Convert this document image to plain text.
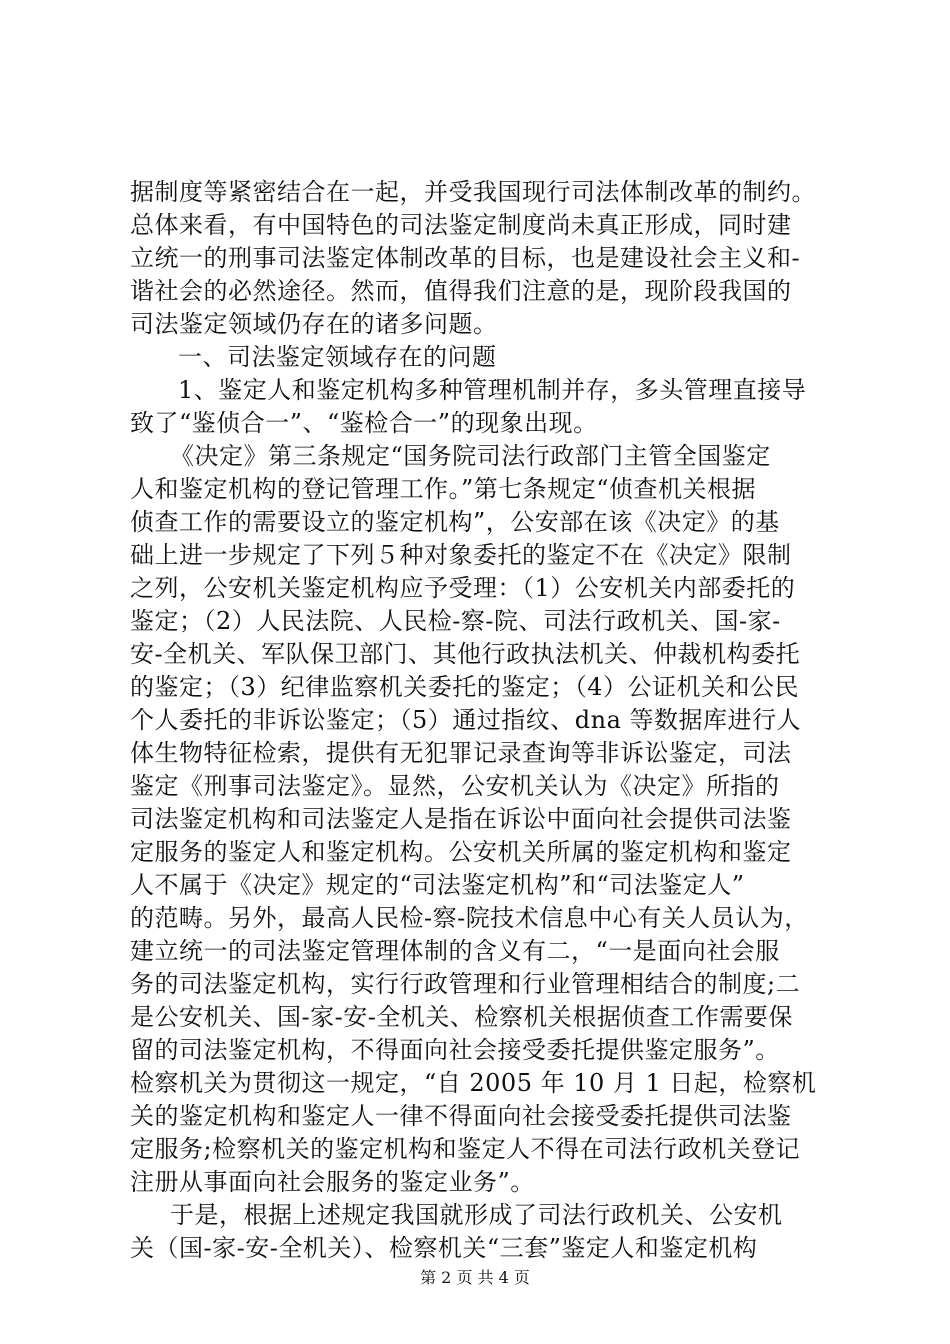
据制度等紧密结合在一起，并受我国现行司法体制改革的制约。
总体来看，有中国特色的司法鉴定制度尚未真正形成，同时建
立统一的刑事司法鉴定体制改革的目标，也是建设社会主义和-
谐社会的必然途径。然而，值得我们注意的是，现阶段我国的
司法鉴定领域仍存在的诸多问题。
一、司法鉴定领域存在的问题
1、鉴定人和鉴定机构多种管理机制并存，多头管理直接导
致了“鉴侦合一”、“鉴检合一”的现象出现。
《决定》第三条规定“国务院司法行政部门主管全国鉴定
人和鉴定机构的登记管理工作。”第七条规定“侦查机关根据
侦查工作的需要设立的鉴定机构”，公安部在该《决定》的基
础上进一步规定了下列５种对象委托的鉴定不在《决定》限制
之列，公安机关鉴定机构应予受理：（1）公安机关内部委托的
鉴定；（2）人民法院、人民检-察-院、司法行政机关、国-家-
安-全机关、军队保卫部门、其他行政执法机关、仲裁机构委托
的鉴定；（3）纪律监察机关委托的鉴定；（4）公证机关和公民
个人委托的非诉讼鉴定；（5）通过指纹、dna 等数据库进行人
体生物特征检索，提供有无犯罪记录查询等非诉讼鉴定，司法
鉴定《刑事司法鉴定》。显然，公安机关认为《决定》所指的
司法鉴定机构和司法鉴定人是指在诉讼中面向社会提供司法鉴
定服务的鉴定人和鉴定机构。公安机关所属的鉴定机构和鉴定
人不属于《决定》规定的“司法鉴定机构”和“司法鉴定人”
的范畴。另外，最高人民检-察-院技术信息中心有关人员认为，
建立统一的司法鉴定管理体制的含义有二，“一是面向社会服
务的司法鉴定机构，实行行政管理和行业管理相结合的制度;二
是公安机关、国-家-安-全机关、检察机关根据侦查工作需要保
留的司法鉴定机构，不得面向社会接受委托提供鉴定服务”。
检察机关为贯彻这一规定，“自 2005 年 10 月 1 日起，检察机
关的鉴定机构和鉴定人一律不得面向社会接受委托提供司法鉴
定服务;检察机关的鉴定机构和鉴定人不得在司法行政机关登记
注册从事面向社会服务的鉴定业务”。
于是，根据上述规定我国就形成了司法行政机关、公安机
关（国-家-安-全机关）、检察机关“三套”鉴定人和鉴定机构
第 2 页 共 4 页
